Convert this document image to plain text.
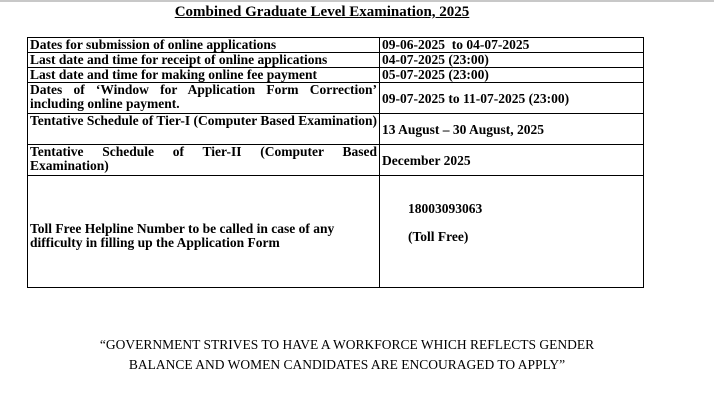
Combined Graduate Level Examination, 2025
Dates for submission of online applications	09-06-2025  to 04-07-2025
Last date and time for receipt of online applications	04-07-2025 (23:00)
Last date and time for making online fee payment	05-07-2025 (23:00)
Dates of ‘Window for Application Form Correction’ including online payment.	09-07-2025 to 11-07-2025 (23:00)
Tentative Schedule of Tier-I (Computer Based Examination)	13 August – 30 August, 2025
Tentative Schedule of Tier-II (Computer Based Examination)	December 2025
Toll Free Helpline Number to be called in case of any difficulty in filling up the Application Form	18003093063
(Toll Free)
“GOVERNMENT STRIVES TO HAVE A WORKFORCE WHICH REFLECTS GENDER BALANCE AND WOMEN CANDIDATES ARE ENCOURAGED TO APPLY”
